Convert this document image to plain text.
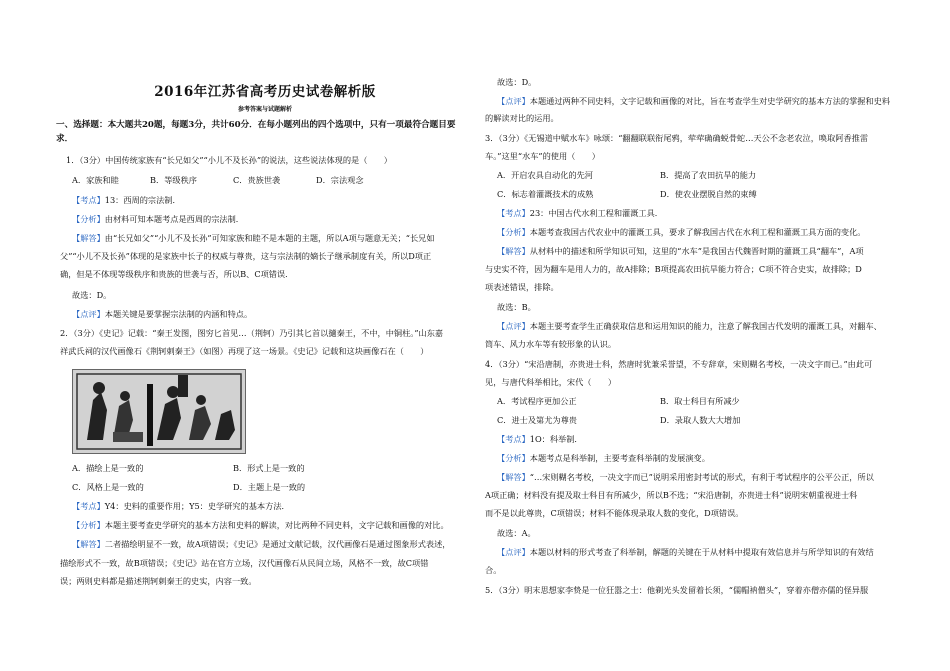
2016年江苏省高考历史试卷解析版
参考答案与试题解析
一、选择题：本大题共20题，每题3分，共计60分．在每小题列出的四个选项中，只有一项最符合题目要
求．
1．（3分）中国传统家族有“长兄如父”“小儿不及长孙”的说法，这些说法体现的是（　　）
A．家族和睦	B．等级秩序	C．贵族世袭	D．宗法观念
【考点】13：西周的宗法制．
【分析】由材料可知本题考点是西周的宗法制．
【解答】由“长兄如父”“小儿不及长孙”可知家族和睦不是本题的主题，所以A项与题意无关；“长兄如
父”“小儿不及长孙”体现的是家族中长子的权威与尊贵，这与宗法制的嫡长子继承制度有关，所以D项正
确，但是不体现等级秩序和贵族的世袭与否，所以B、C项错误．
故选：D。
【点评】本题关键是要掌握宗法制的内涵和特点。
2．（3分）《史记》记载：“秦王发图，图穷匕首见…（荆轲）乃引其匕首以擿秦王，不中，中铜柱。”山东嘉
祥武氏祠的汉代画像石《荆轲刺秦王》（如图）再现了这一场景。《史记》记载和这块画像石在（　　）
A．描绘上是一致的	B．形式上是一致的
C．风格上是一致的	D．主题上是一致的
【考点】Y4：史料的重要作用；Y5：史学研究的基本方法．
【分析】本题主要考查史学研究的基本方法和史料的解读，对比两种不同史料，文字记载和画像的对比。
【解答】二者描绘明显不一致，故A项错误；《史记》是通过文献记载，汉代画像石是通过图象形式表述，
描绘形式不一致，故B项错误；《史记》站在官方立场，汉代画像石从民间立场，风格不一致，故C项错
误；两则史料都是描述荆轲刺秦王的史实，内容一致。
故选：D。
【点评】本题通过两种不同史料，文字记载和画像的对比，旨在考查学生对史学研究的基本方法的掌握和史料
的解读对比的运用。
3．（3分）《无锡道中赋水车》咏颂：“翻翻联联衔尾鸦，荦荦确确蜕骨蛇…天公不念老农泣，唤取阿香推雷
车。”这里“水车”的使用（　　）
A．开启农具自动化的先河	B．提高了农田抗旱的能力
C．标志着灌溉技术的成熟	D．使农业摆脱自然的束缚
【考点】23：中国古代水利工程和灌溉工具．
【分析】本题考查我国古代农业中的灌溉工具，要求了解我国古代在水利工程和灌溉工具方面的变化。
【解答】从材料中的描述和所学知识可知，这里的“水车”是我国古代魏晋时期的灌溉工具“翻车”，A项
与史实不符，因为翻车是用人力的，故A排除；B项提高农田抗旱能力符合；C项不符合史实，故排除；D
项表述错误，排除。
故选：B。
【点评】本题主要考查学生正确获取信息和运用知识的能力，注意了解我国古代发明的灌溉工具，对翻车、
筒车、风力水车等有较形象的认识。
4．（3分）“宋沿唐制，亦贵进士科，然唐时犹兼采誉望，不专辞章，宋则糊名考校，一决文字而已。”由此可
见，与唐代科举相比，宋代（　　）
A．考试程序更加公正	B．取士科目有所减少
C．进士及第尤为尊贵	D．录取人数大大增加
【考点】1O：科举制．
【分析】本题考点是科举制，主要考查科举制的发展演变。
【解答】“…宋则糊名考校，一决文字而已”说明采用密封考试的形式，有利于考试程序的公平公正，所以
A项正确；材料没有提及取士科目有所减少，所以B不选；“宋沿唐制，亦贵进士科”说明宋朝重视进士科
而不是以此尊贵，C项错误；材料不能体现录取人数的变化，D项错误。
故选：A。
【点评】本题以材料的形式考查了科举制，解题的关键在于从材料中提取有效信息并与所学知识的有效结
合。
5．（3分）明末思想家李贽是一位狂嚣之士：他剃光头发留着长须，“儒帽衲僧头”，穿着亦僧亦儒的怪异服
